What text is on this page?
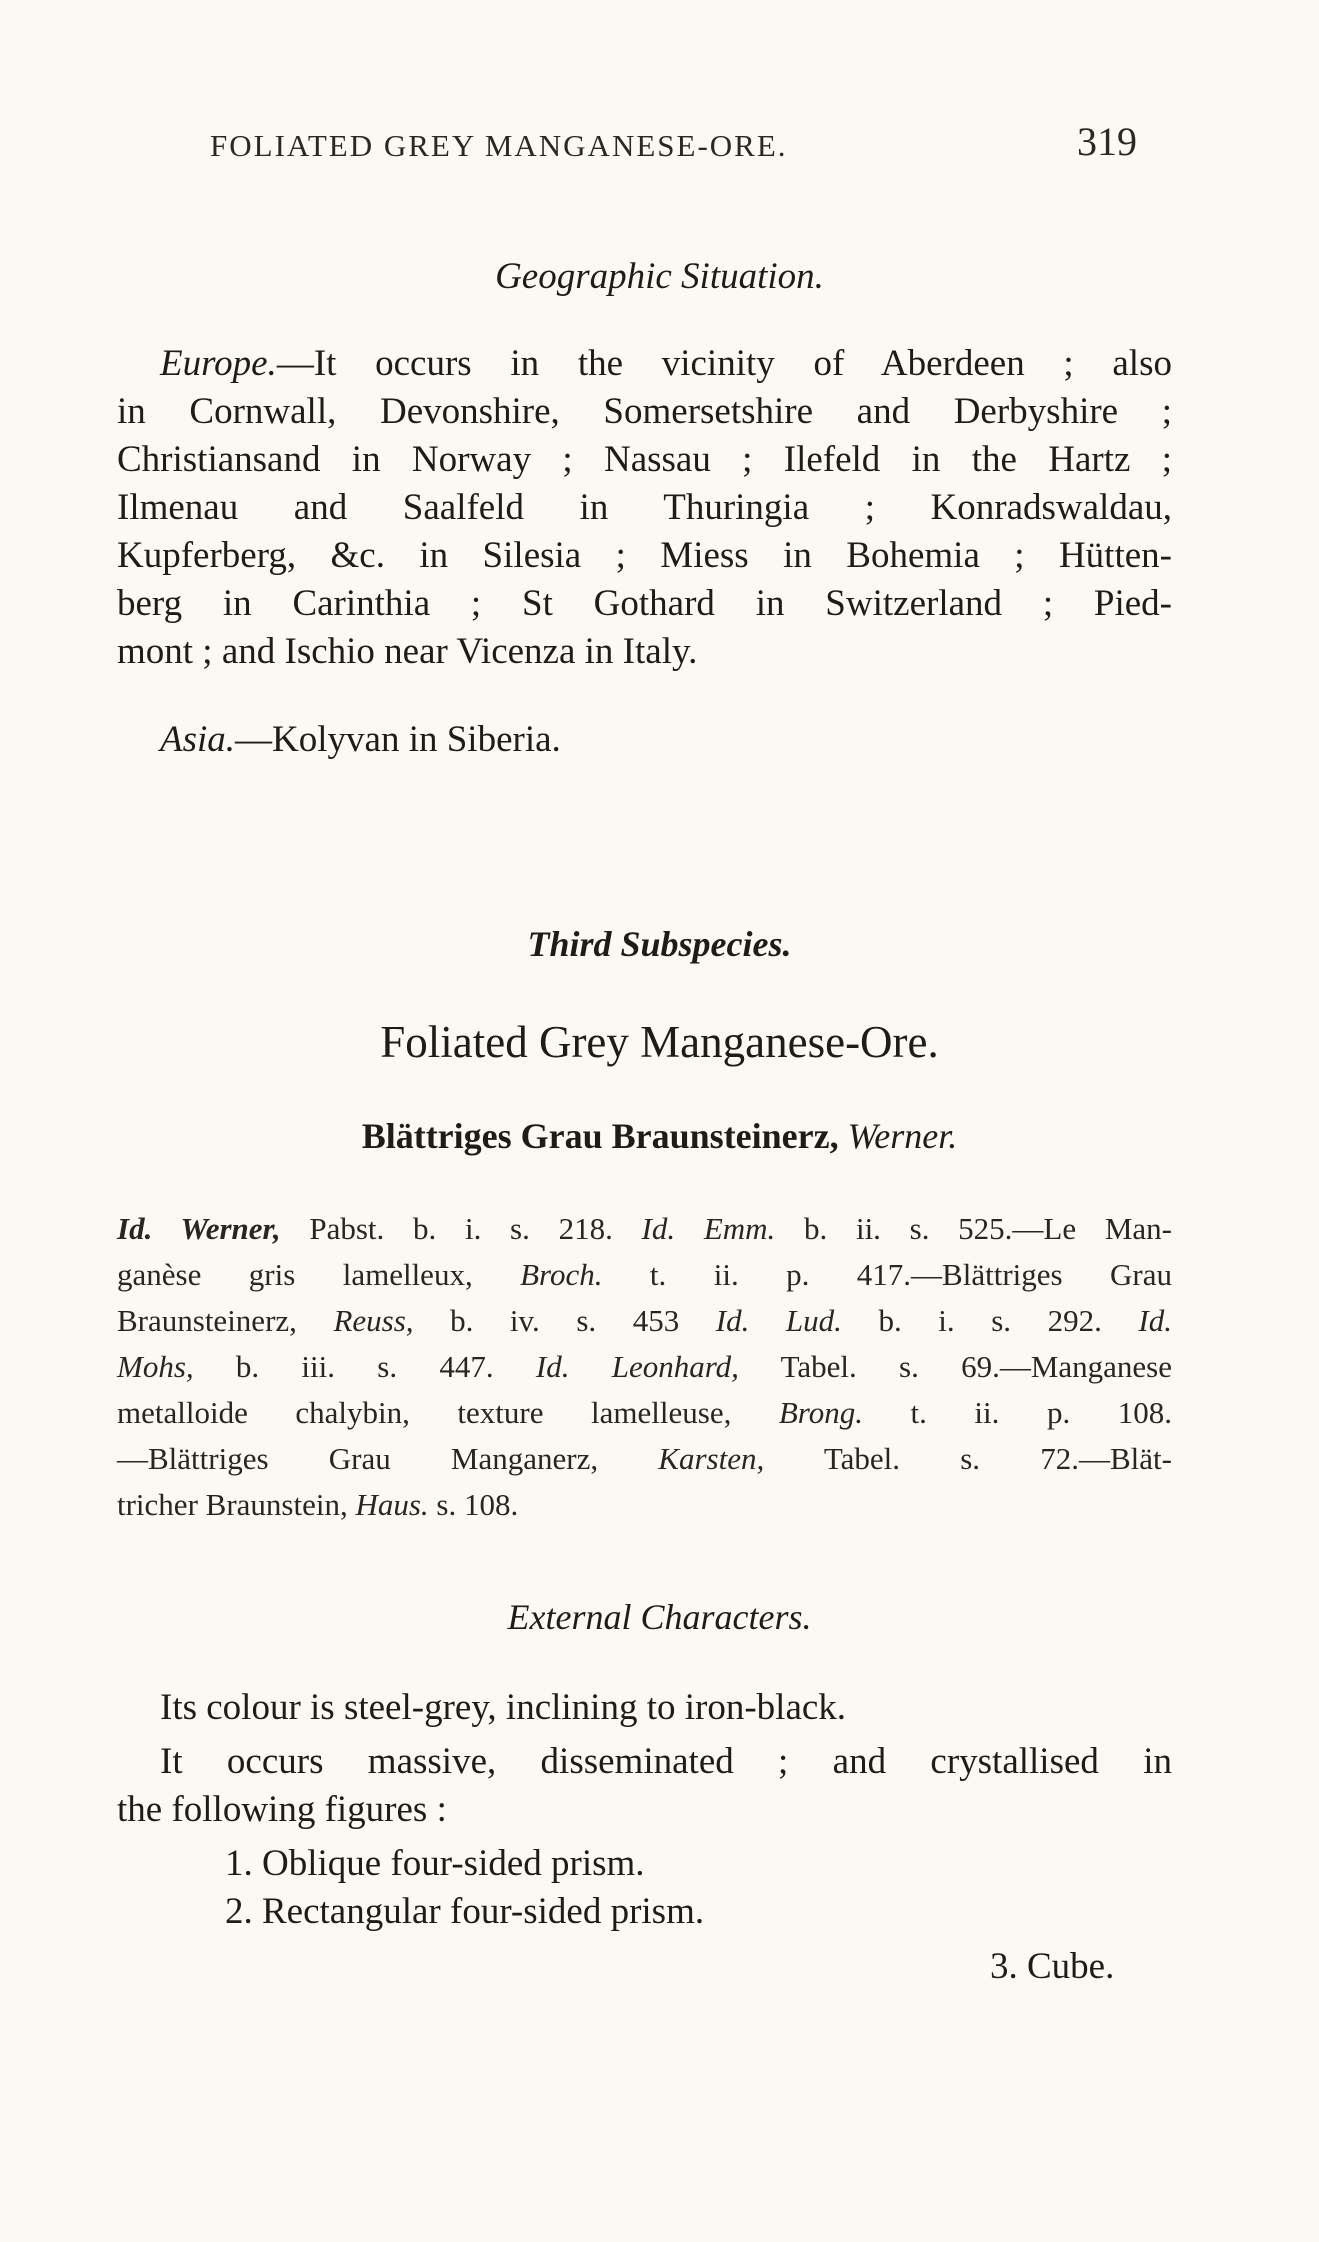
FOLIATED GREY MANGANESE-ORE.	319
Geographic Situation.
Europe.—It occurs in the vicinity of Aberdeen ; also
in Cornwall, Devonshire, Somersetshire and Derbyshire ;
Christiansand in Norway ; Nassau ; Ilefeld in the Hartz ;
Ilmenau and Saalfeld in Thuringia ; Konradswaldau,
Kupferberg, &c. in Silesia ; Miess in Bohemia ; Hütten-
berg in Carinthia ; St Gothard in Switzerland ; Pied-
mont ; and Ischio near Vicenza in Italy.
Asia.—Kolyvan in Siberia.
Third Subspecies.
Foliated Grey Manganese-Ore.
Blättriges Grau Braunsteinerz, Werner.
Id. Werner, Pabst. b. i. s. 218. Id. Emm. b. ii. s. 525.—Le Man-
ganèse gris lamelleux, Broch. t. ii. p. 417.—Blättriges Grau
Braunsteinerz, Reuss, b. iv. s. 453 Id. Lud. b. i. s. 292. Id.
Mohs, b. iii. s. 447. Id. Leonhard, Tabel. s. 69.—Manganese
metalloide chalybin, texture lamelleuse, Brong. t. ii. p. 108.
—Blättriges Grau Manganerz, Karsten, Tabel. s. 72.—Blät-
tricher Braunstein, Haus. s. 108.
External Characters.
Its colour is steel-grey, inclining to iron-black.
It occurs massive, disseminated ; and crystallised in
the following figures :
1. Oblique four-sided prism.
2. Rectangular four-sided prism.
3. Cube.
